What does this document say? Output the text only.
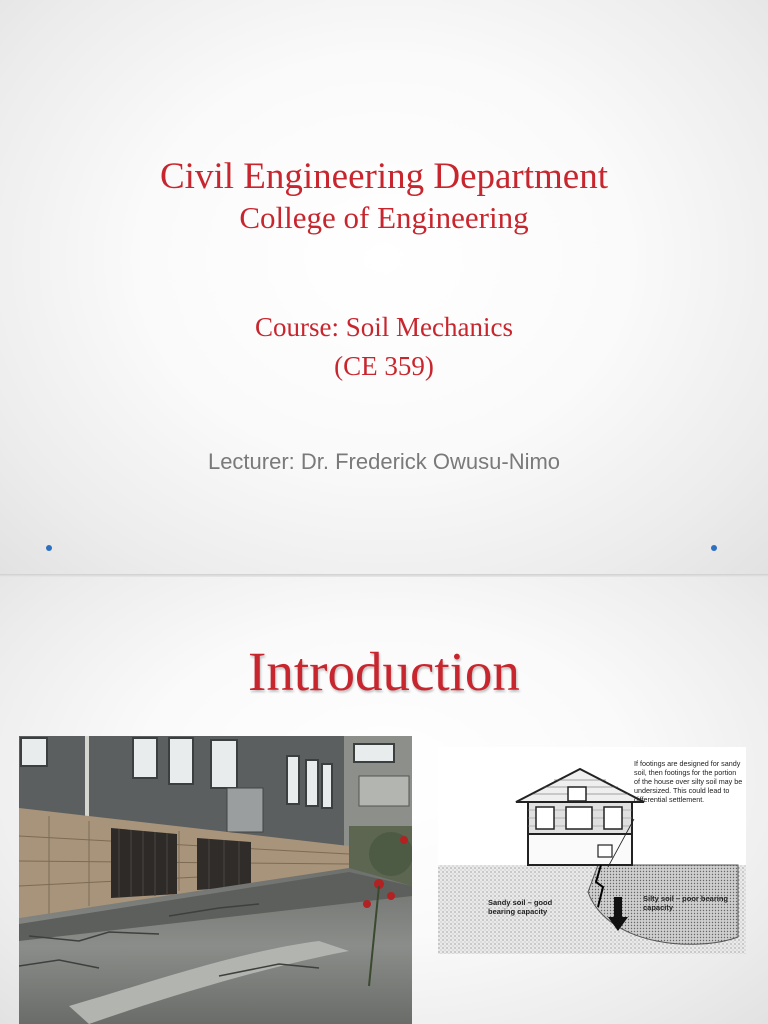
Civil Engineering Department
College of Engineering
Course: Soil Mechanics
(CE 359)
Lecturer: Dr. Frederick Owusu-Nimo
Introduction
If footings are designed for sandy soil, then footings for the portion of the house over silty soil may be undersized. This could lead to differential settlement.
Sandy soil – good bearing capacity
Silty soil – poor bearing capacity
